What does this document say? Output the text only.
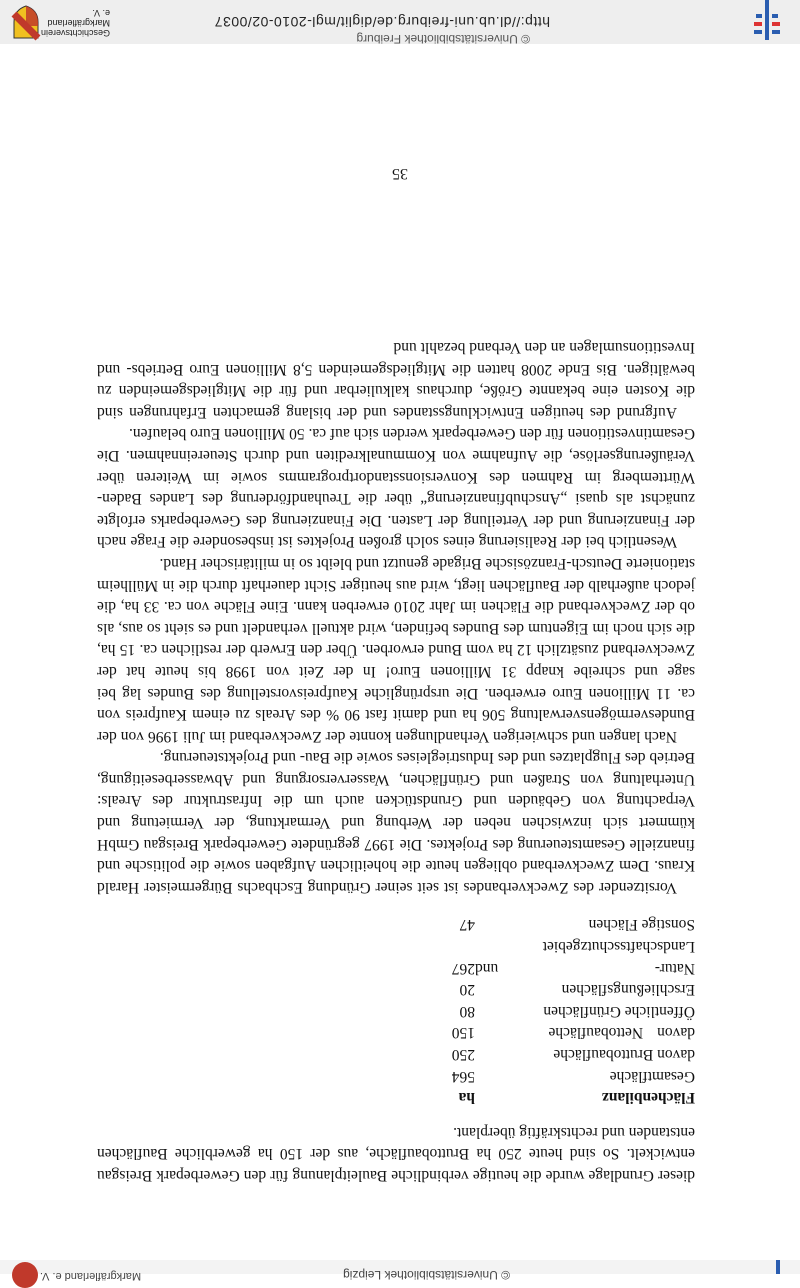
© Universitätsbibliothek Leipzig
Markgräflerland e. V.

dieser Grundlage wurde die heutige verbindliche Bauleitplanung für den Gewerbepark Breisgau entwickelt. So sind heute 250 ha Bruttobaufläche, aus der 150 ha gewerbliche Bauflächen entstanden und rechtskräftig überplant.

Flächenbilanz	ha
Gesamtfläche	564
davon Bruttobaufläche	250
davonNettobaufläche	150
Öffentliche Grünflächen	80
Erschließungsflächen	20
Natur- und Landschaftsschutzgebiet	267
Sonstige Flächen	47

Vorsitzender des Zweckverbandes ist seit seiner Gründung Eschbachs Bürgermeister Harald Kraus. Dem Zweckverband obliegen heute die hoheitlichen Aufgaben sowie die politische und finanzielle Gesamtsteuerung des Projektes. Die 1997 gegründete Gewerbepark Breisgau GmbH kümmert sich inzwischen neben der Werbung und Vermarktung, der Vermietung und Verpachtung von Gebäuden und Grundstücken auch um die Infrastruktur des Areals: Unterhaltung von Straßen und Grünflächen, Wasserversorgung und Abwasserbeseitigung, Betrieb des Flugplatzes und des Industriegleises sowie die Bau- und Projektsteuerung.

Nach langen und schwierigen Verhandlungen konnte der Zweckverband im Juli 1996 von der Bundesvermögensverwaltung 506 ha und damit fast 90 % des Areals zu einem Kaufpreis von ca. 11 Millionen Euro erwerben. Die ursprüngliche Kaufpreisvorstellung des Bundes lag bei sage und schreibe knapp 31 Millionen Euro! In der Zeit von 1998 bis heute hat der Zweckverband zusätzlich 12 ha vom Bund erworben. Über den Erwerb der restlichen ca. 15 ha, die sich noch im Eigentum des Bundes befinden, wird aktuell verhandelt und es sieht so aus, als ob der Zweckverband die Flächen im Jahr 2010 erwerben kann. Eine Fläche von ca. 33 ha, die jedoch außerhalb der Bauflächen liegt, wird aus heutiger Sicht dauerhaft durch die in Müllheim stationierte Deutsch-Französische Brigade genutzt und bleibt so in militärischer Hand.

Wesentlich bei der Realisierung eines solch großen Projektes ist insbesondere die Frage nach der Finanzierung und der Verteilung der Lasten. Die Finanzierung des Gewerbeparks erfolgte zunächst als quasi „Anschubfinanzierung“ über die Treuhandförderung des Landes Baden-Württemberg im Rahmen des Konversionsstandortprogramms sowie im Weiteren über Veräußerungserlöse, die Aufnahme von Kommunalkrediten und durch Steuereinnahmen. Die Gesamtinvestitionen für den Gewerbepark werden sich auf ca. 50 Millionen Euro belaufen.

Aufgrund des heutigen Entwicklungsstandes und der bislang gemachten Erfahrungen sind die Kosten eine bekannte Größe, durchaus kalkulierbar und für die Mitgliedsgemeinden zu bewältigen. Bis Ende 2008 hatten die Mitgliedsgemeinden 5,8 Millionen Euro Betriebs- und Investitionsumlagen an den Verband bezahlt und

35
© Universitätsbibliothek Freiburg
http://dl.ub.uni-freiburg.de/diglit/mgl-2010-02/0037
Geschichtsverein
Markgräflerland e. V.
